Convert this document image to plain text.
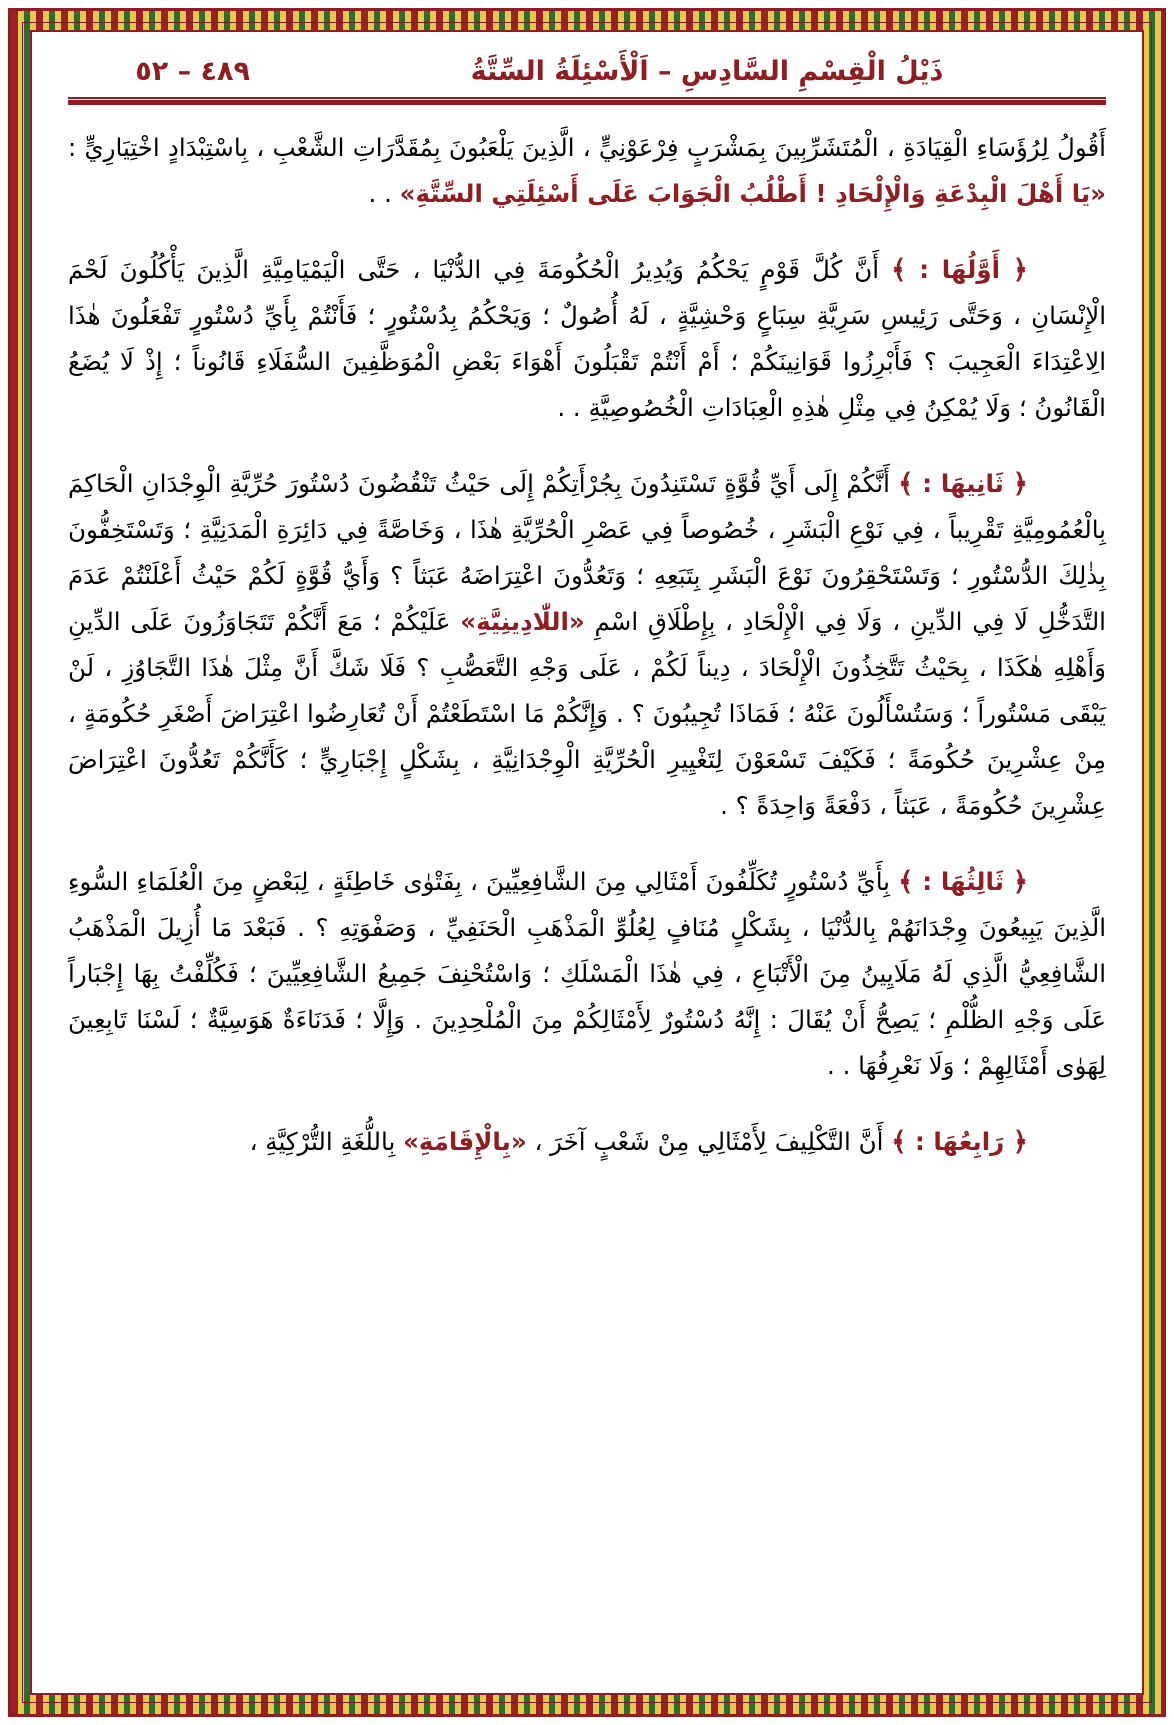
٤٨٩ – ٥٢	ذَيْلُ الْقِسْمِ السَّادِسِ – اَلْأَسْئِلَةُ السِّتَّةُ

أَقُولُ لِرُؤَسَاءِ الْقِيَادَةِ ، الْمُتَشَرِّبِينَ بِمَشْرَبٍ فِرْعَوْنِيٍّ ، الَّذِينَ يَلْعَبُونَ بِمُقَدَّرَاتِ الشَّعْبِ ، بِاسْتِبْدَادٍ اخْتِيَارِيٍّ : «يَا أَهْلَ الْبِدْعَةِ وَالْإِلْحَادِ ! أَطْلُبُ الْجَوَابَ عَلَى أَسْئِلَتِي السِّتَّةِ» . .

﴿ أَوَّلُهَا : ﴾ أَنَّ كُلَّ قَوْمٍ يَحْكُمُ وَيُدِيرُ الْحُكُومَةَ فِي الدُّنْيَا ، حَتَّى الْيَمْيَامِيَّةِ الَّذِينَ يَأْكُلُونَ لَحْمَ الْإِنْسَانِ ، وَحَتَّى رَئِيسِ سَرِيَّةِ سِبَاعٍ وَحْشِيَّةٍ ، لَهُ أُصُولٌ ؛ وَيَحْكُمُ بِدُسْتُورٍ ؛ فَأَنْتُمْ بِأَيِّ دُسْتُورٍ تَفْعَلُونَ هٰذَا الِاعْتِدَاءَ الْعَجِيبَ ؟ فَأَبْرِزُوا قَوَانِينَكُمْ ؛ أَمْ أَنْتُمْ تَقْبَلُونَ أَهْوَاءَ بَعْضِ الْمُوَظَّفِينَ السُّفَلَاءِ قَانُوناً ؛ إِذْ لَا يُضَعُ الْقَانُونُ ؛ وَلَا يُمْكِنُ فِي مِثْلِ هٰذِهِ الْعِبَادَاتِ الْخُصُوصِيَّةِ . .

﴿ ثَانِيهَا : ﴾ أَنَّكُمْ إِلَى أَيِّ قُوَّةٍ تَسْتَنِدُونَ بِجُرْأَتِكُمْ إِلَى حَيْثُ تَنْقُضُونَ دُسْتُورَ حُرِّيَّةِ الْوِجْدَانِ الْحَاكِمَ بِالْعُمُومِيَّةِ تَقْرِيباً ، فِي نَوْعِ الْبَشَرِ ، خُصُوصاً فِي عَصْرِ الْحُرِّيَّةِ هٰذَا ، وَخَاصَّةً فِي دَائِرَةِ الْمَدَنِيَّةِ ؛ وَتَسْتَخِفُّونَ بِذٰلِكَ الدُّسْتُورِ ؛ وَتَسْتَحْقِرُونَ نَوْعَ الْبَشَرِ بِتَبَعِهِ ؛ وَتَعُدُّونَ اعْتِرَاضَهُ عَبَثاً ؟ وَأَيُّ قُوَّةٍ لَكُمْ حَيْثُ أَعْلَنْتُمْ عَدَمَ التَّدَخُّلِ لَا فِي الدِّينِ ، وَلَا فِي الْإِلْحَادِ ، بِإِطْلَاقِ اسْمِ «اللّٰادِينِيَّةِ» عَلَيْكُمْ ؛ مَعَ أَنَّكُمْ تَتَجَاوَزُونَ عَلَى الدِّينِ وَأَهْلِهِ هٰكَذَا ، بِحَيْثُ تَتَّخِذُونَ الْإِلْحَادَ ، دِيناً لَكُمْ ، عَلَى وَجْهِ التَّعَصُّبِ ؟ فَلَا شَكَّ أَنَّ مِثْلَ هٰذَا التَّجَاوُزِ ، لَنْ يَبْقَى مَسْتُوراً ؛ وَسَتُسْأَلُونَ عَنْهُ ؛ فَمَاذَا تُجِيبُونَ ؟ . وَإِنَّكُمْ مَا اسْتَطَعْتُمْ أَنْ تُعَارِضُوا اعْتِرَاضَ أَصْغَرِ حُكُومَةٍ ، مِنْ عِشْرِينَ حُكُومَةً ؛ فَكَيْفَ تَسْعَوْنَ لِتَغْيِيرِ الْحُرِّيَّةِ الْوِجْدَانِيَّةِ ، بِشَكْلٍ إِجْبَارِيٍّ ؛ كَأَنَّكُمْ تَعُدُّونَ اعْتِرَاضَ عِشْرِينَ حُكُومَةً ، عَبَثاً ، دَفْعَةً وَاحِدَةً ؟ .

﴿ ثَالِثُهَا : ﴾ بِأَيِّ دُسْتُورٍ تُكَلِّفُونَ أَمْثَالِي مِنَ الشَّافِعِيِّينَ ، بِفَتْوٰى خَاطِئَةٍ ، لِبَعْضٍ مِنَ الْعُلَمَاءِ السُّوءِ الَّذِينَ يَبِيعُونَ وِجْدَانَهُمْ بِالدُّنْيَا ، بِشَكْلٍ مُنَافٍ لِعُلُوِّ الْمَذْهَبِ الْحَنَفِيِّ ، وَصَفْوَتِهِ ؟ . فَبَعْدَ مَا أُزِيلَ الْمَذْهَبُ الشَّافِعِيُّ الَّذِي لَهُ مَلَايِينُ مِنَ الْأَتْبَاعِ ، فِي هٰذَا الْمَسْلَكِ ؛ وَاسْتُحْنِفَ جَمِيعُ الشَّافِعِيِّينَ ؛ فَكُلِّفْتُ بِهَا إِجْبَاراً عَلَى وَجْهِ الظُّلْمِ ؛ يَصِحُّ أَنْ يُقَالَ : إِنَّهُ دُسْتُورٌ لِأَمْثَالِكُمْ مِنَ الْمُلْحِدِينَ . وَإِلَّا ؛ فَدَنَاءَةٌ هَوَسِيَّةٌ ؛ لَسْنَا تَابِعِينَ لِهَوٰى أَمْثَالِهِمْ ؛ وَلَا نَعْرِفُهَا . .

﴿ رَابِعُهَا : ﴾ أَنَّ التَّكْلِيفَ لِأَمْثَالِي مِنْ شَعْبٍ آخَرَ ، «بِالْإِقَامَةِ» بِاللُّغَةِ التُّرْكِيَّةِ ،
